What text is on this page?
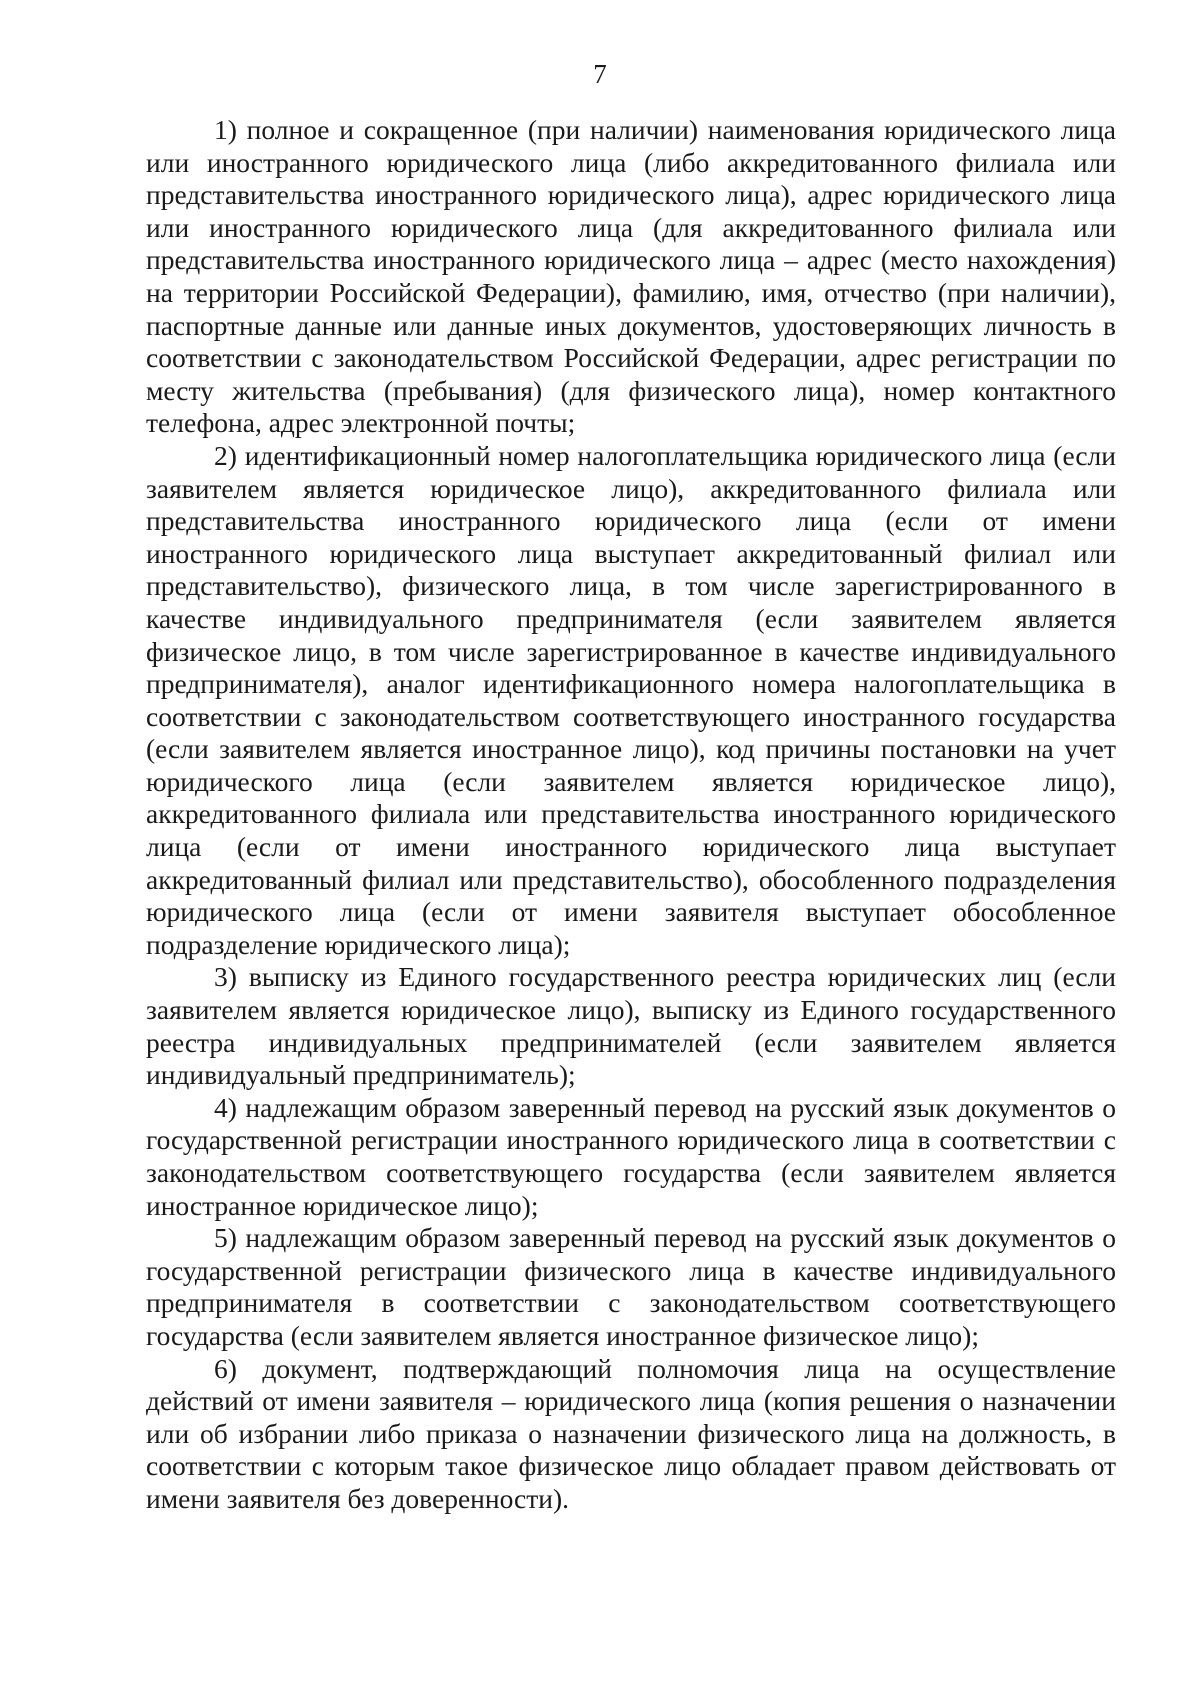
7

1) полное и сокращенное (при наличии) наименования юридического лица или иностранного юридического лица (либо аккредитованного филиала или представительства иностранного юридического лица), адрес юридического лица или иностранного юридического лица (для аккредитованного филиала или представительства иностранного юридического лица – адрес (место нахождения) на территории Российской Федерации), фамилию, имя, отчество (при наличии), паспортные данные или данные иных документов, удостоверяющих личность в соответствии с законодательством Российской Федерации, адрес регистрации по месту жительства (пребывания) (для физического лица), номер контактного телефона, адрес электронной почты;

2) идентификационный номер налогоплательщика юридического лица (если заявителем является юридическое лицо), аккредитованного филиала или представительства иностранного юридического лица (если от имени иностранного юридического лица выступает аккредитованный филиал или представительство), физического лица, в том числе зарегистрированного в качестве индивидуального предпринимателя (если заявителем является физическое лицо, в том числе зарегистрированное в качестве индивидуального предпринимателя), аналог идентификационного номера налогоплательщика в соответствии с законодательством соответствующего иностранного государства (если заявителем является иностранное лицо), код причины постановки на учет юридического лица (если заявителем является юридическое лицо), аккредитованного филиала или представительства иностранного юридического лица (если от имени иностранного юридического лица выступает аккредитованный филиал или представительство), обособленного подразделения юридического лица (если от имени заявителя выступает обособленное подразделение юридического лица);

3) выписку из Единого государственного реестра юридических лиц (если заявителем является юридическое лицо), выписку из Единого государственного реестра индивидуальных предпринимателей (если заявителем является индивидуальный предприниматель);

4) надлежащим образом заверенный перевод на русский язык документов о государственной регистрации иностранного юридического лица в соответствии с законодательством соответствующего государства (если заявителем является иностранное юридическое лицо);

5) надлежащим образом заверенный перевод на русский язык документов о государственной регистрации физического лица в качестве индивидуального предпринимателя в соответствии с законодательством соответствующего государства (если заявителем является иностранное физическое лицо);

6) документ, подтверждающий полномочия лица на осуществление действий от имени заявителя – юридического лица (копия решения о назначении или об избрании либо приказа о назначении физического лица на должность, в соответствии с которым такое физическое лицо обладает правом действовать от имени заявителя без доверенности).
